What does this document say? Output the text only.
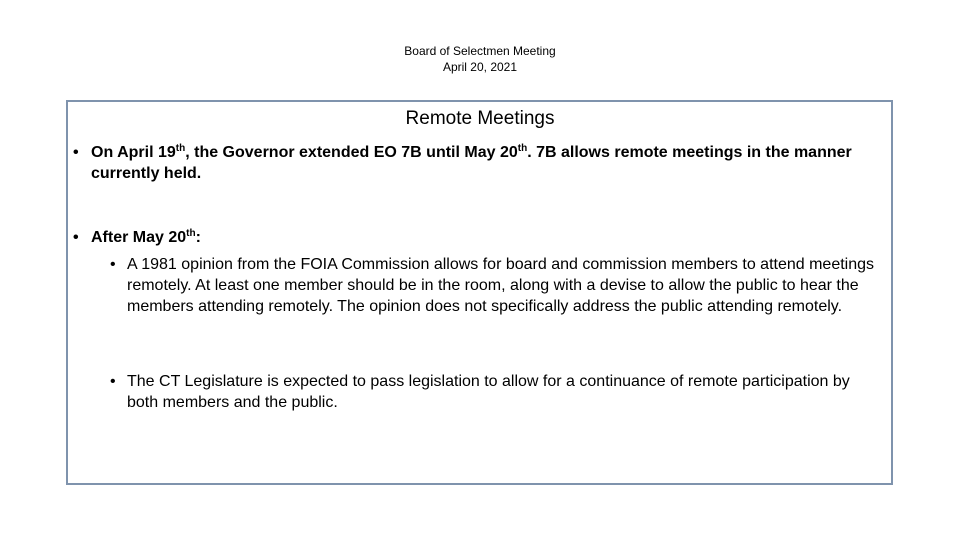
Board of Selectmen Meeting
April 20, 2021
Remote Meetings
• On April 19th, the Governor extended EO 7B until May 20th. 7B allows remote meetings in the manner currently held.
• After May 20th:
• A 1981 opinion from the FOIA Commission allows for board and commission members to attend meetings remotely. At least one member should be in the room, along with a devise to allow the public to hear the members attending remotely. The opinion does not specifically address the public attending remotely.
• The CT Legislature is expected to pass legislation to allow for a continuance of remote participation by both members and the public.
